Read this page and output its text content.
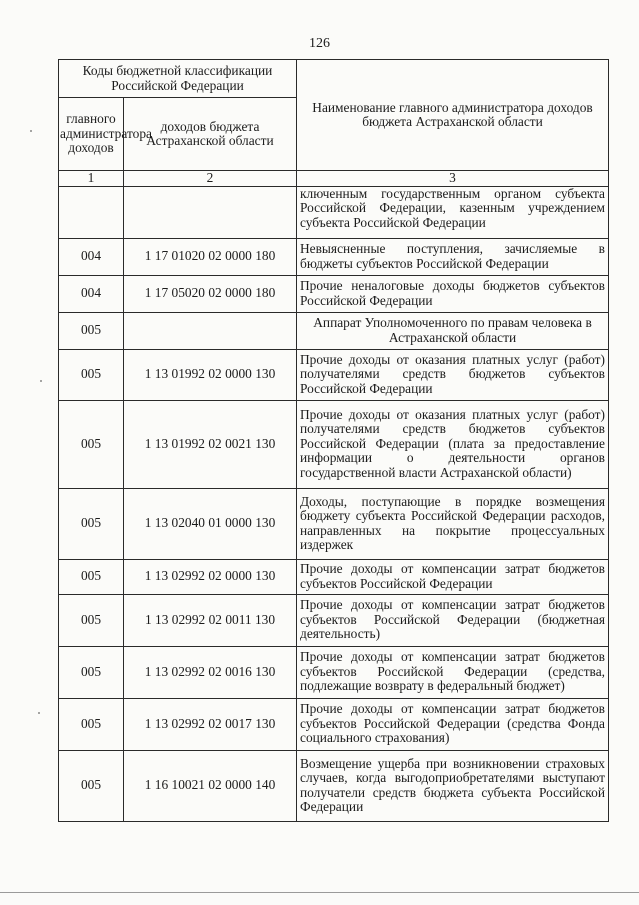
126
Коды бюджетной классификации Российской Федерации		Наименование главного администратора доходов бюджета Астраханской области
главного администратора доходов	доходов бюджета Астраханской области	
1	2	3
		ключенным государственным органом субъекта Российской Федерации, казенным учреждением субъекта Российской Федерации
004	1 17 01020 02 0000 180	Невыясненные поступления, зачисляемые в бюджеты субъектов Российской Федерации
004	1 17 05020 02 0000 180	Прочие неналоговые доходы бюджетов субъектов Российской Федерации
005		Аппарат Уполномоченного по правам человека в Астраханской области
005	1 13 01992 02 0000 130	Прочие доходы от оказания платных услуг (работ) получателями средств бюджетов субъектов Российской Федерации
005	1 13 01992 02 0021 130	Прочие доходы от оказания платных услуг (работ) получателями средств бюджетов субъектов Российской Федерации (плата за предоставление информации о деятельности органов государственной власти Астраханской области)
005	1 13 02040 01 0000 130	Доходы, поступающие в порядке возмещения бюджету субъекта Российской Федерации расходов, направленных на покрытие процессуальных издержек
005	1 13 02992 02 0000 130	Прочие доходы от компенсации затрат бюджетов субъектов Российской Федерации
005	1 13 02992 02 0011 130	Прочие доходы от компенсации затрат бюджетов субъектов Российской Федерации (бюджетная деятельность)
005	1 13 02992 02 0016 130	Прочие доходы от компенсации затрат бюджетов субъектов Российской Федерации (средства, подлежащие возврату в федеральный бюджет)
005	1 13 02992 02 0017 130	Прочие доходы от компенсации затрат бюджетов субъектов Российской Федерации (средства Фонда социального страхования)
005	1 16 10021 02 0000 140	Возмещение ущерба при возникновении страховых случаев, когда выгодоприобретателями выступают получатели средств бюджета субъекта Российской Федерации
